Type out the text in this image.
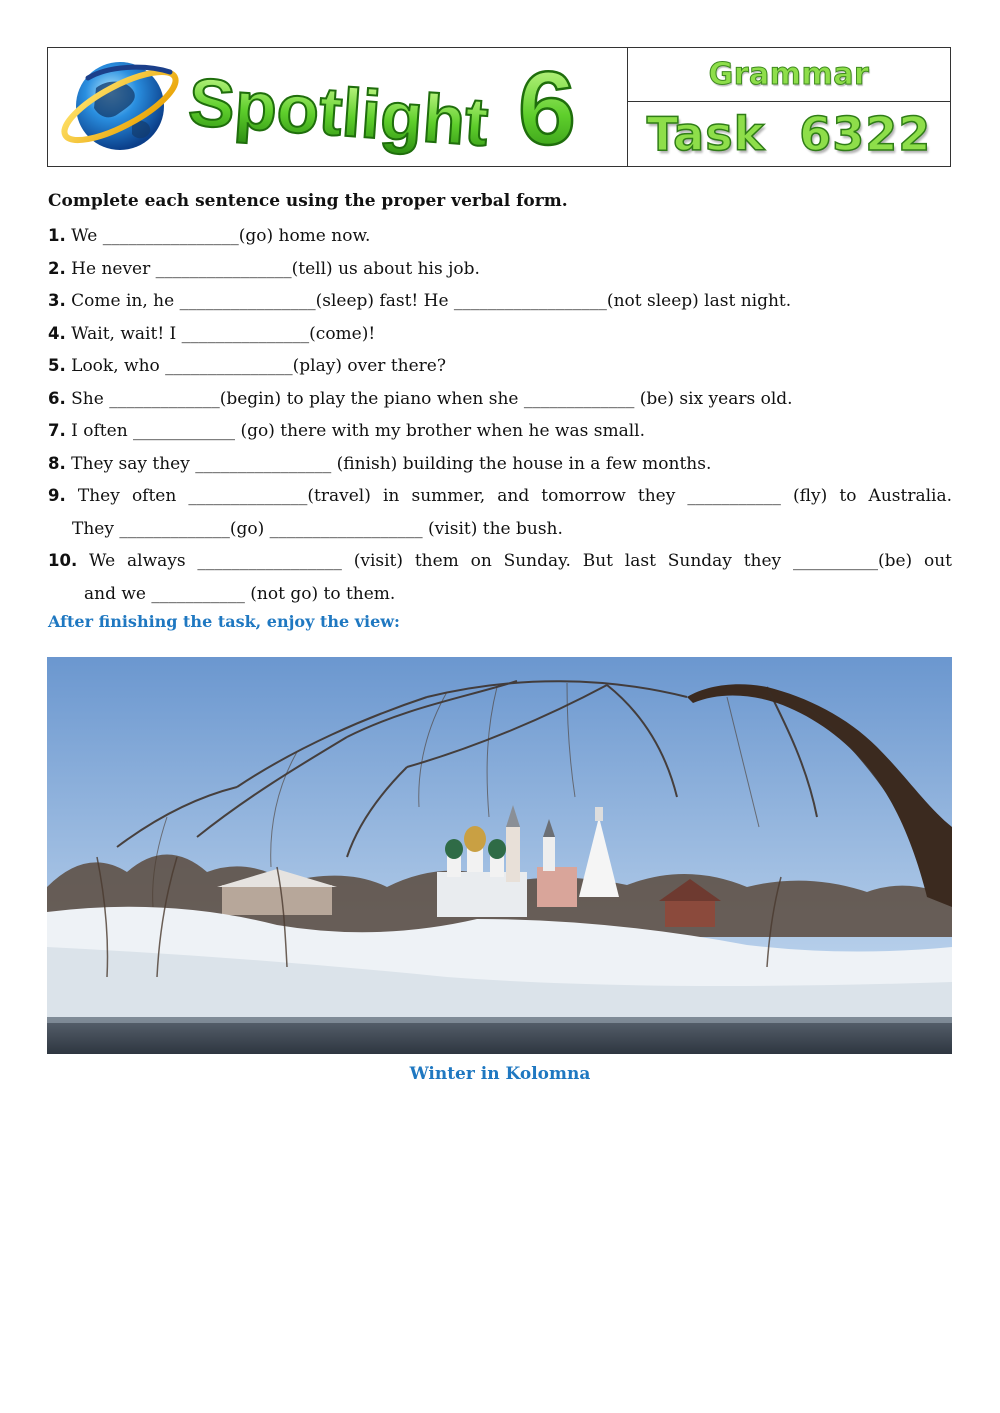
Spotlight 6	Grammar
Task  6322

Complete each sentence using the proper verbal form.

1. We ________________(go) home now.

2. He never ________________(tell) us about his job.

3. Come in, he ________________(sleep) fast! He __________________(not sleep) last night.

4. Wait, wait! I _______________(come)!

5. Look, who _______________(play) over there?

6. She _____________(begin) to play the piano when she _____________ (be) six years old.

7. I often ____________ (go) there with my brother when he was small.

8. They say they ________________ (finish) building the house in a few months.

9. They often ______________(travel) in summer, and tomorrow they ___________ (fly) to Australia.

They _____________(go) __________________ (visit) the bush.

10. We always _________________ (visit) them on Sunday. But last Sunday they __________(be) out

and we ___________ (not go) to them.

After finishing the task, enjoy the view:
Winter in Kolomna
